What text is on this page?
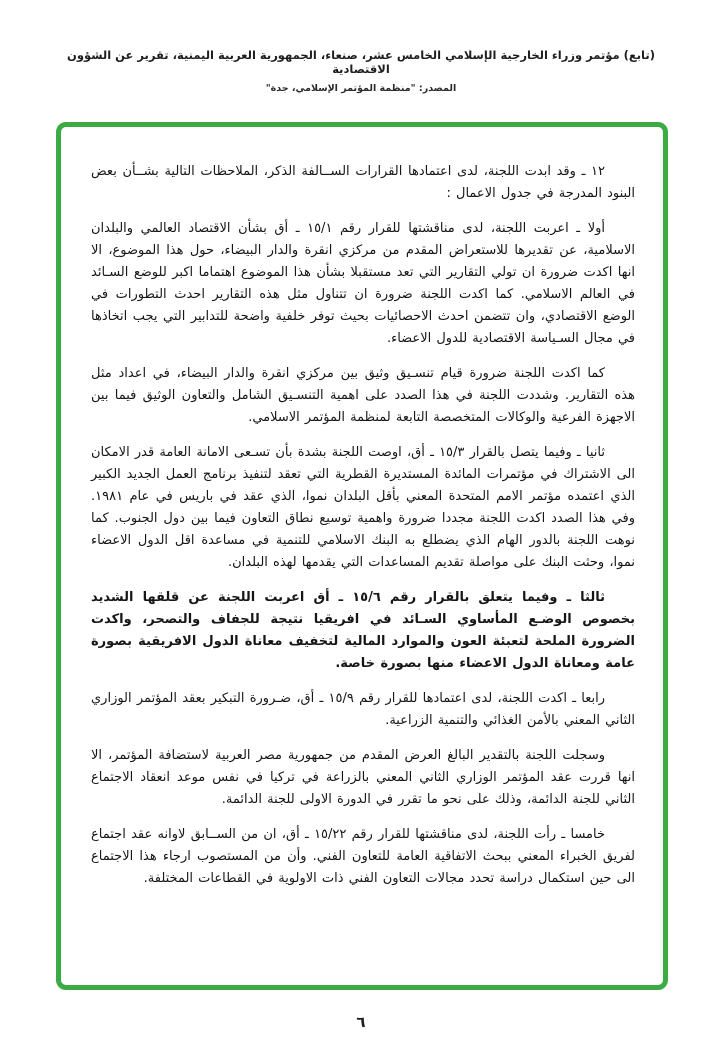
(تابع) مؤتمر وزراء الخارجية الإسلامي الخامس عشر، صنعاء، الجمهورية العربية اليمنية، تقرير عن الشؤون الاقتصادية
المصدر: "منظمة المؤتمر الإسلامي، جدة"

١٢ ـ وقد ابدت اللجنة، لدى اعتمادها القرارات الســالفة الذكر، الملاحظات التالية بشــأن بعض البنود المدرجة في جدول الاعمال :

أولا ـ اعربت اللجنة، لدى مناقشتها للقرار رقم ١٥/١ ـ أق بشأن الاقتصاد العالمي والبلدان الاسلامية، عن تقديرها للاستعراض المقدم من مركزي انقرة والدار البيضاء، حول هذا الموضوع، الا انها اكدت ضرورة ان تولي التقارير التي تعد مستقبلا بشأن هذا الموضوع اهتماما اكبر للوضع السـائد في العالم الاسلامي. كما اكدت اللجنة ضرورة ان تتناول مثل هذه التقارير احدث التطورات في الوضع الاقتصادي، وان تتضمن احدث الاحصائيات بحيث توفر خلفية واضحة للتدابير التي يجب اتخاذها في مجال السـياسة الاقتصادية للدول الاعضاء.

كما اكدت اللجنة ضرورة قيام تنسـيق وثيق بين مركزي انقرة والدار البيضاء، في اعداد مثل هذه التقارير. وشددت اللجنة في هذا الصدد على اهمية التنسـيق الشامل والتعاون الوثيق فيما بين الاجهزة الفرعية والوكالات المتخصصة التابعة لمنظمة المؤتمر الاسلامي.

ثانيا ـ وفيما يتصل بالقرار ١٥/٣ ـ أق، اوصت اللجنة بشدة بأن تسـعى الامانة العامة قدر الامكان الى الاشتراك في مؤتمرات المائدة المستديرة القطرية التي تعقد لتنفيذ برنامج العمل الجديد الكبير الذي اعتمده مؤتمر الامم المتحدة المعني بأقل البلدان نموا، الذي عقد في باريس في عام ١٩٨١. وفي هذا الصدد اكدت اللجنة مجددا ضرورة واهمية توسيع نطاق التعاون فيما بين دول الجنوب. كما نوهت اللجنة بالدور الهام الذي يضطلع به البنك الاسلامي للتنمية في مساعدة اقل الدول الاعضاء نموا، وحثت البنك على مواصلة تقديم المساعدات التي يقدمها لهذه البلدان.

ثالثا ـ وفيما يتعلق بالقرار رقم ١٥/٦ ـ أق اعربت اللجنة عن قلقها الشديد بخصوص الوضـع المأساوي السـائد في افريقيا نتيجة للجفاف والتصحر، واكدت الضرورة الملحة لتعبئة العون والموارد المالية لتخفيف معاناة الدول الافريقية بصورة عامة ومعاناة الدول الاعضاء منها بصورة خاصة.

رابعا ـ اكدت اللجنة، لدى اعتمادها للقرار رقم ١٥/٩ ـ أق، ضـرورة التبكير بعقد المؤتمر الوزاري الثاني المعني بالأمن الغذائي والتنمية الزراعية.

وسجلت اللجنة بالتقدير البالغ العرض المقدم من جمهورية مصر العربية لاستضافة المؤتمر، الا انها قررت عقد المؤتمر الوزاري الثاني المعني بالزراعة في تركيا في نفس موعد انعقاد الاجتماع الثاني للجنة الدائمة، وذلك على نحو ما تقرر في الدورة الاولى للجنة الدائمة.

خامسا ـ رأت اللجنة، لدى مناقشتها للقرار رقم ١٥/٢٢ ـ أق، ان من الســابق لاوانه عقد اجتماع لفريق الخبراء المعني ببحث الاتفاقية العامة للتعاون الفني. وأن من المستصوب ارجاء هذا الاجتماع الى حين استكمال دراسة تحدد مجالات التعاون الفني ذات الاولوية في القطاعات المختلفة.

٦
